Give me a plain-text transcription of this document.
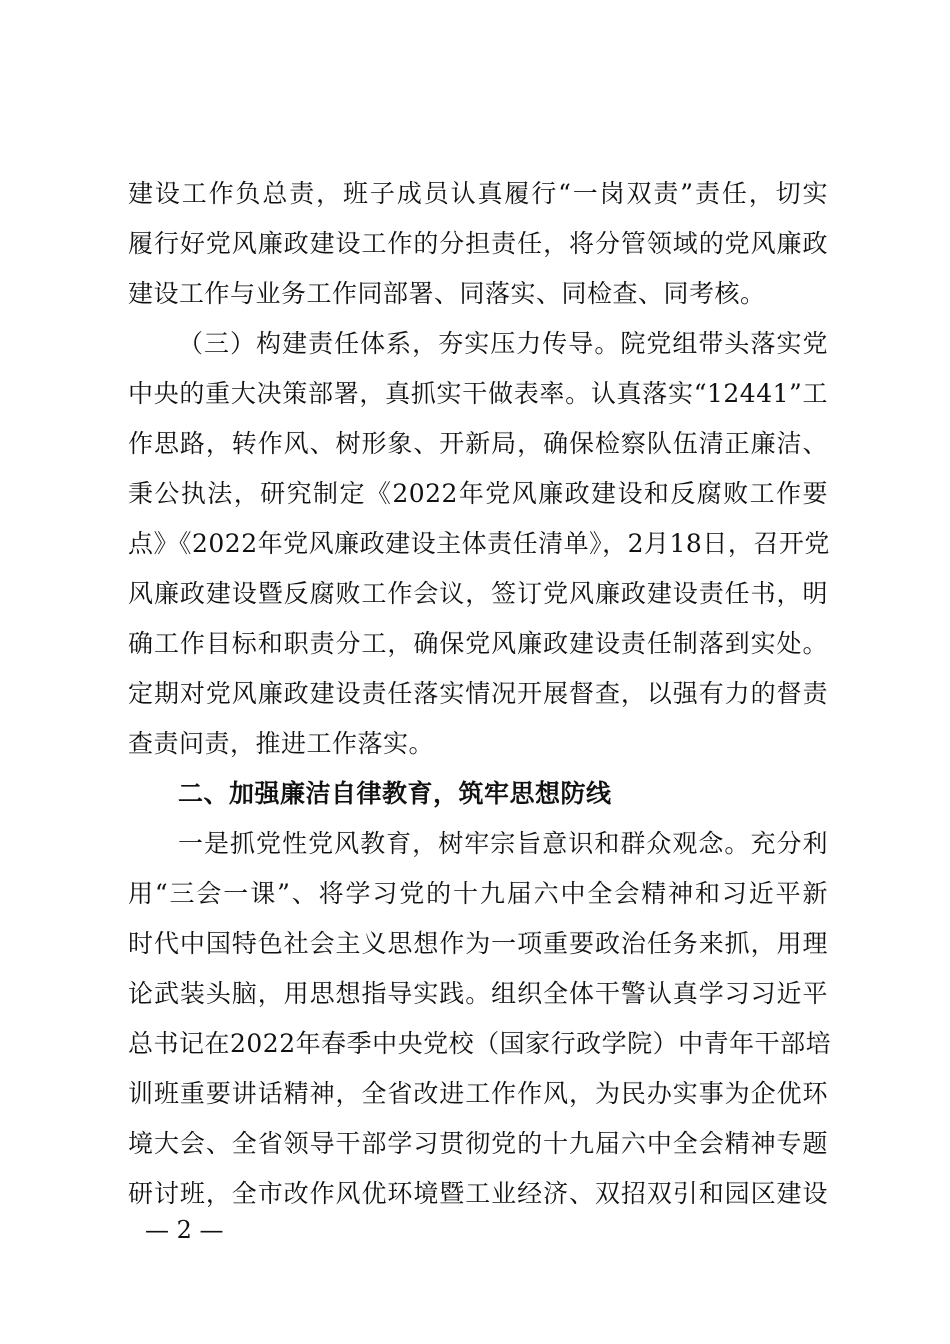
建设工作负总责，班子成员认真履行“一岗双责”责任，切实
履行好党风廉政建设工作的分担责任，将分管领域的党风廉政
建设工作与业务工作同部署、同落实、同检查、同考核。
（三）构建责任体系，夯实压力传导。院党组带头落实党
中央的重大决策部署，真抓实干做表率。认真落实“12441”工
作思路，转作风、树形象、开新局，确保检察队伍清正廉洁、
秉公执法，研究制定《2022年党风廉政建设和反腐败工作要
点》《2022年党风廉政建设主体责任清单》，2月18日，召开党
风廉政建设暨反腐败工作会议，签订党风廉政建设责任书，明
确工作目标和职责分工，确保党风廉政建设责任制落到实处。
定期对党风廉政建设责任落实情况开展督查，以强有力的督责
查责问责，推进工作落实。
二、加强廉洁自律教育，筑牢思想防线
一是抓党性党风教育，树牢宗旨意识和群众观念。充分利
用“三会一课”、将学习党的十九届六中全会精神和习近平新
时代中国特色社会主义思想作为一项重要政治任务来抓，用理
论武装头脑，用思想指导实践。组织全体干警认真学习习近平
总书记在2022年春季中央党校（国家行政学院）中青年干部培
训班重要讲话精神，全省改进工作作风，为民办实事为企优环
境大会、全省领导干部学习贯彻党的十九届六中全会精神专题
研讨班，全市改作风优环境暨工业经济、双招双引和园区建设
— 2 —
